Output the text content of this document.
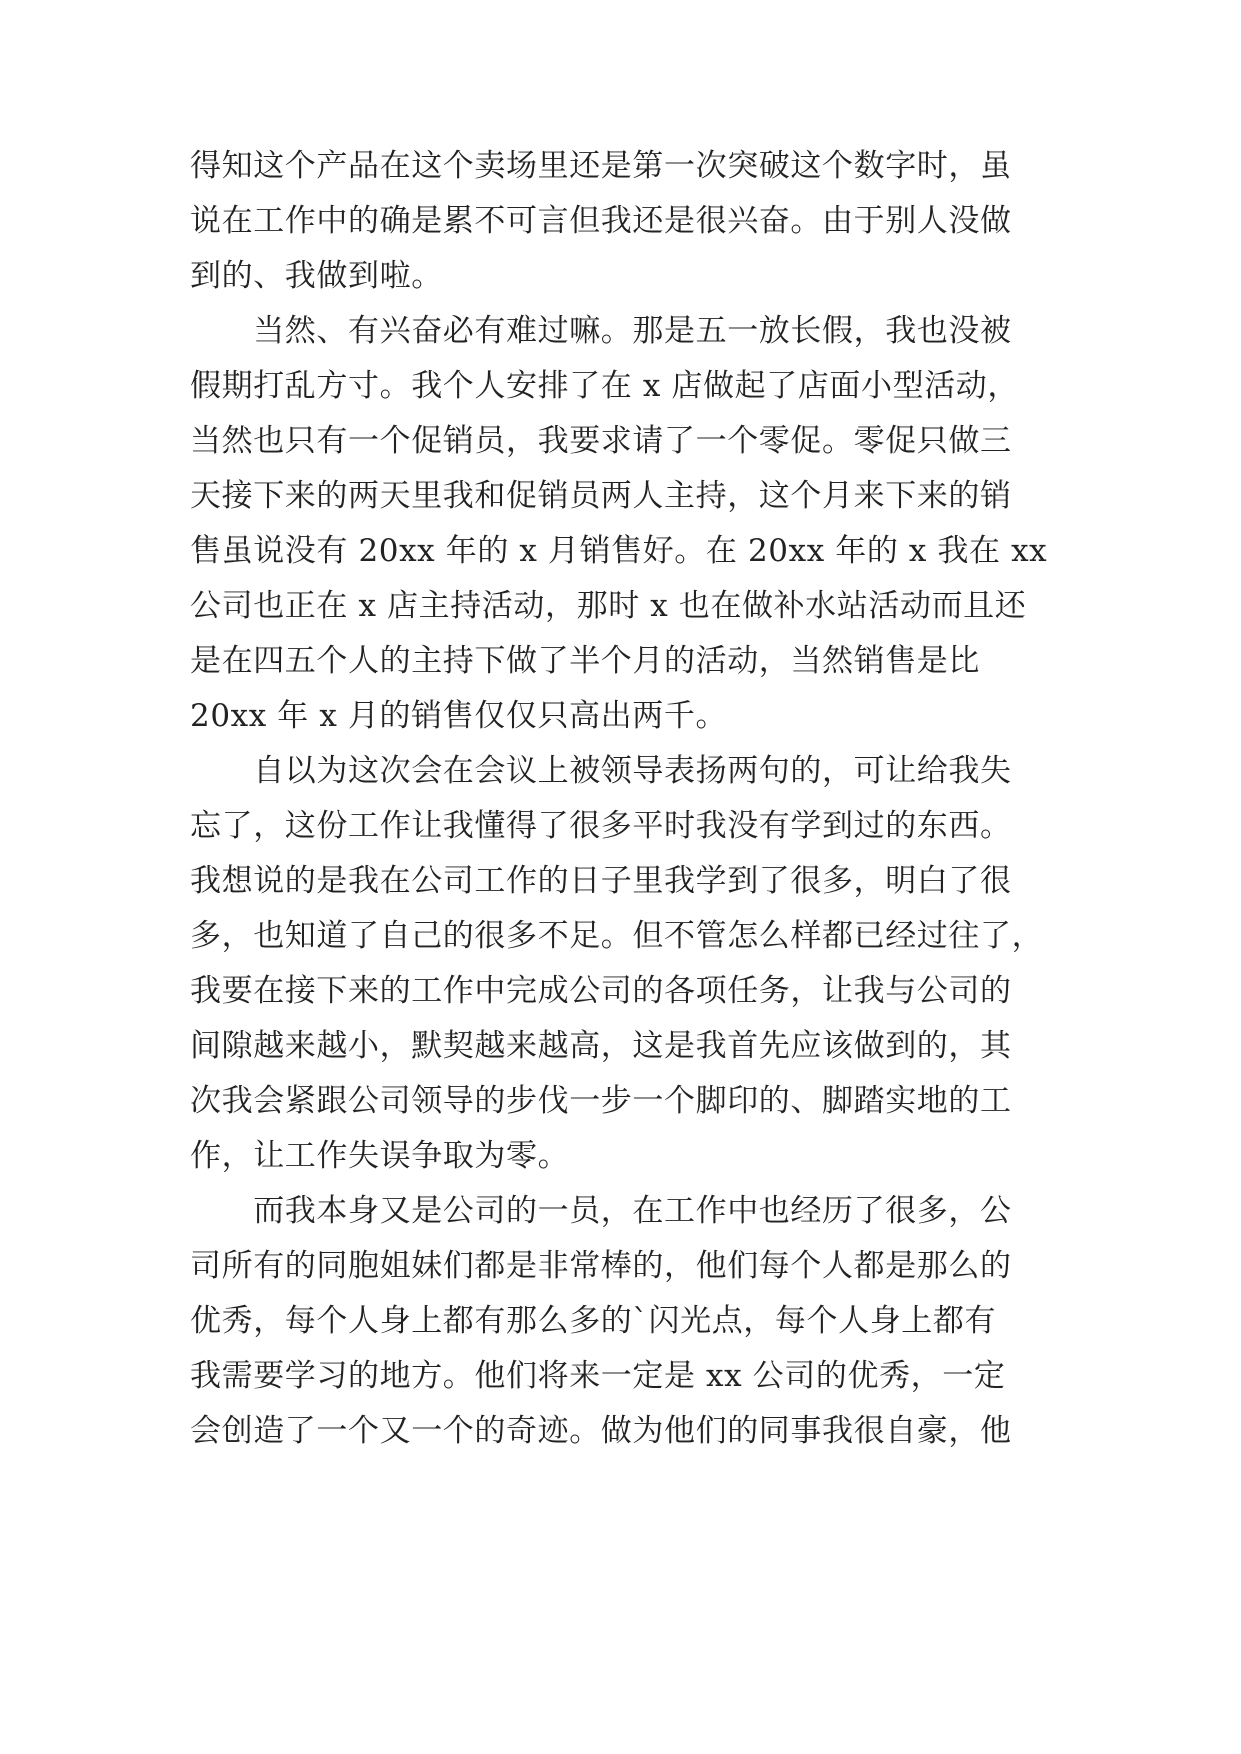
得知这个产品在这个卖场里还是第一次突破这个数字时，虽
说在工作中的确是累不可言但我还是很兴奋。由于别人没做
到的、我做到啦。
　　当然、有兴奋必有难过嘛。那是五一放长假，我也没被
假期打乱方寸。我个人安排了在 x 店做起了店面小型活动，
当然也只有一个促销员，我要求请了一个零促。零促只做三
天接下来的两天里我和促销员两人主持，这个月来下来的销
售虽说没有 20xx 年的 x 月销售好。在 20xx 年的 x 我在 xx
公司也正在 x 店主持活动，那时 x 也在做补水站活动而且还
是在四五个人的主持下做了半个月的活动，当然销售是比
20xx 年 x 月的销售仅仅只高出两千。
　　自以为这次会在会议上被领导表扬两句的，可让给我失
忘了，这份工作让我懂得了很多平时我没有学到过的东西。
我想说的是我在公司工作的日子里我学到了很多，明白了很
多，也知道了自己的很多不足。但不管怎么样都已经过往了，
我要在接下来的工作中完成公司的各项任务，让我与公司的
间隙越来越小，默契越来越高，这是我首先应该做到的，其
次我会紧跟公司领导的步伐一步一个脚印的、脚踏实地的工
作，让工作失误争取为零。
　　而我本身又是公司的一员，在工作中也经历了很多，公
司所有的同胞姐妹们都是非常棒的，他们每个人都是那么的
优秀，每个人身上都有那么多的`闪光点，每个人身上都有
我需要学习的地方。他们将来一定是 xx 公司的优秀，一定
会创造了一个又一个的奇迹。做为他们的同事我很自豪，他
